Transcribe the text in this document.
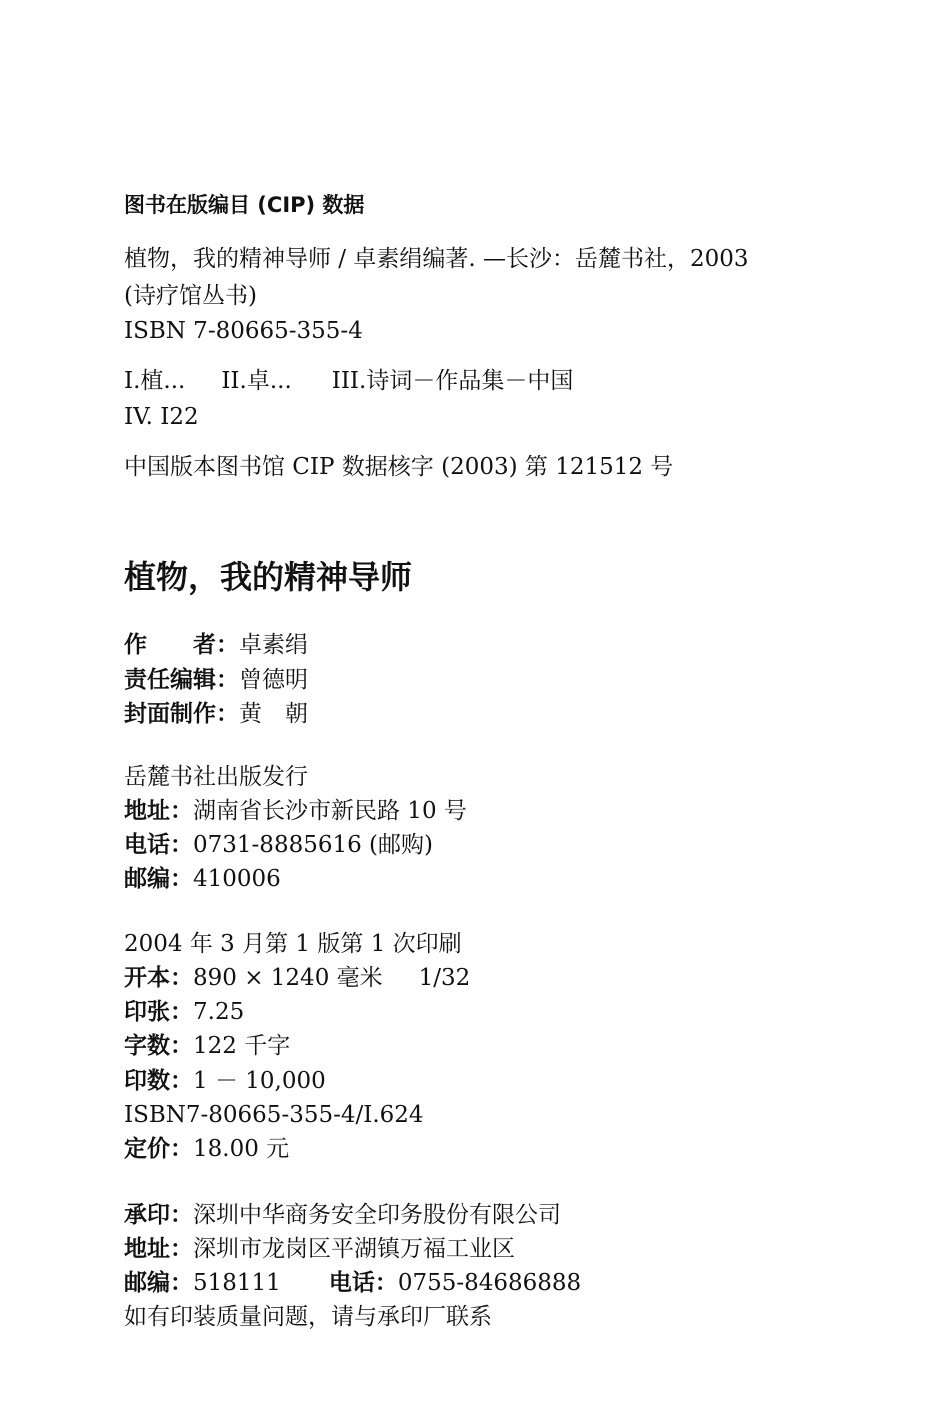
图书在版编目 (CIP) 数据
植物，我的精神导师 / 卓素绢编著. —长沙：岳麓书社，2003
(诗疗馆丛书)
ISBN 7-80665-355-4
I.植... II.卓... III.诗词－作品集－中国
IV. I22
中国版本图书馆 CIP 数据核字 (2003) 第 121512 号
植物，我的精神导师
作　　者：卓素绢
责任编辑：曾德明
封面制作：黄　朝
岳麓书社出版发行
地址：湖南省长沙市新民路 10 号
电话：0731-8885616 (邮购)
邮编：410006
2004 年 3 月第 1 版第 1 次印刷
开本：890 × 1240 毫米 1/32
印张：7.25
字数：122 千字
印数：1 － 10,000
ISBN7-80665-355-4/I.624
定价：18.00 元
承印：深圳中华商务安全印务股份有限公司
地址：深圳市龙岗区平湖镇万福工业区
邮编：518111 电话：0755-84686888
如有印装质量问题，请与承印厂联系
